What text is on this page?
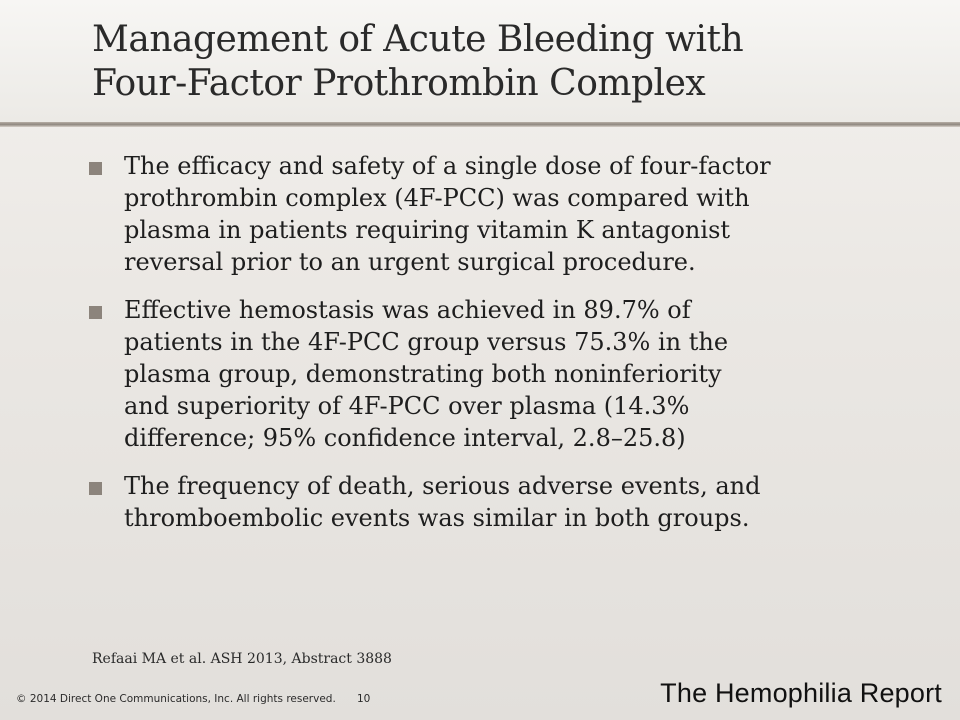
Management of Acute Bleeding with
Four-Factor Prothrombin Complex
The efficacy and safety of a single dose of four-factor
prothrombin complex (4F-PCC) was compared with
plasma in patients requiring vitamin K antagonist
reversal prior to an urgent surgical procedure.
Effective hemostasis was achieved in 89.7% of
patients in the 4F-PCC group versus 75.3% in the
plasma group, demonstrating both noninferiority
and superiority of 4F-PCC over plasma (14.3%
difference; 95% confidence interval, 2.8–25.8)
The frequency of death, serious adverse events, and
thromboembolic events was similar in both groups.
Refaai MA et al. ASH 2013, Abstract 3888
© 2014 Direct One Communications, Inc. All rights reserved. 10	The Hemophilia Report
